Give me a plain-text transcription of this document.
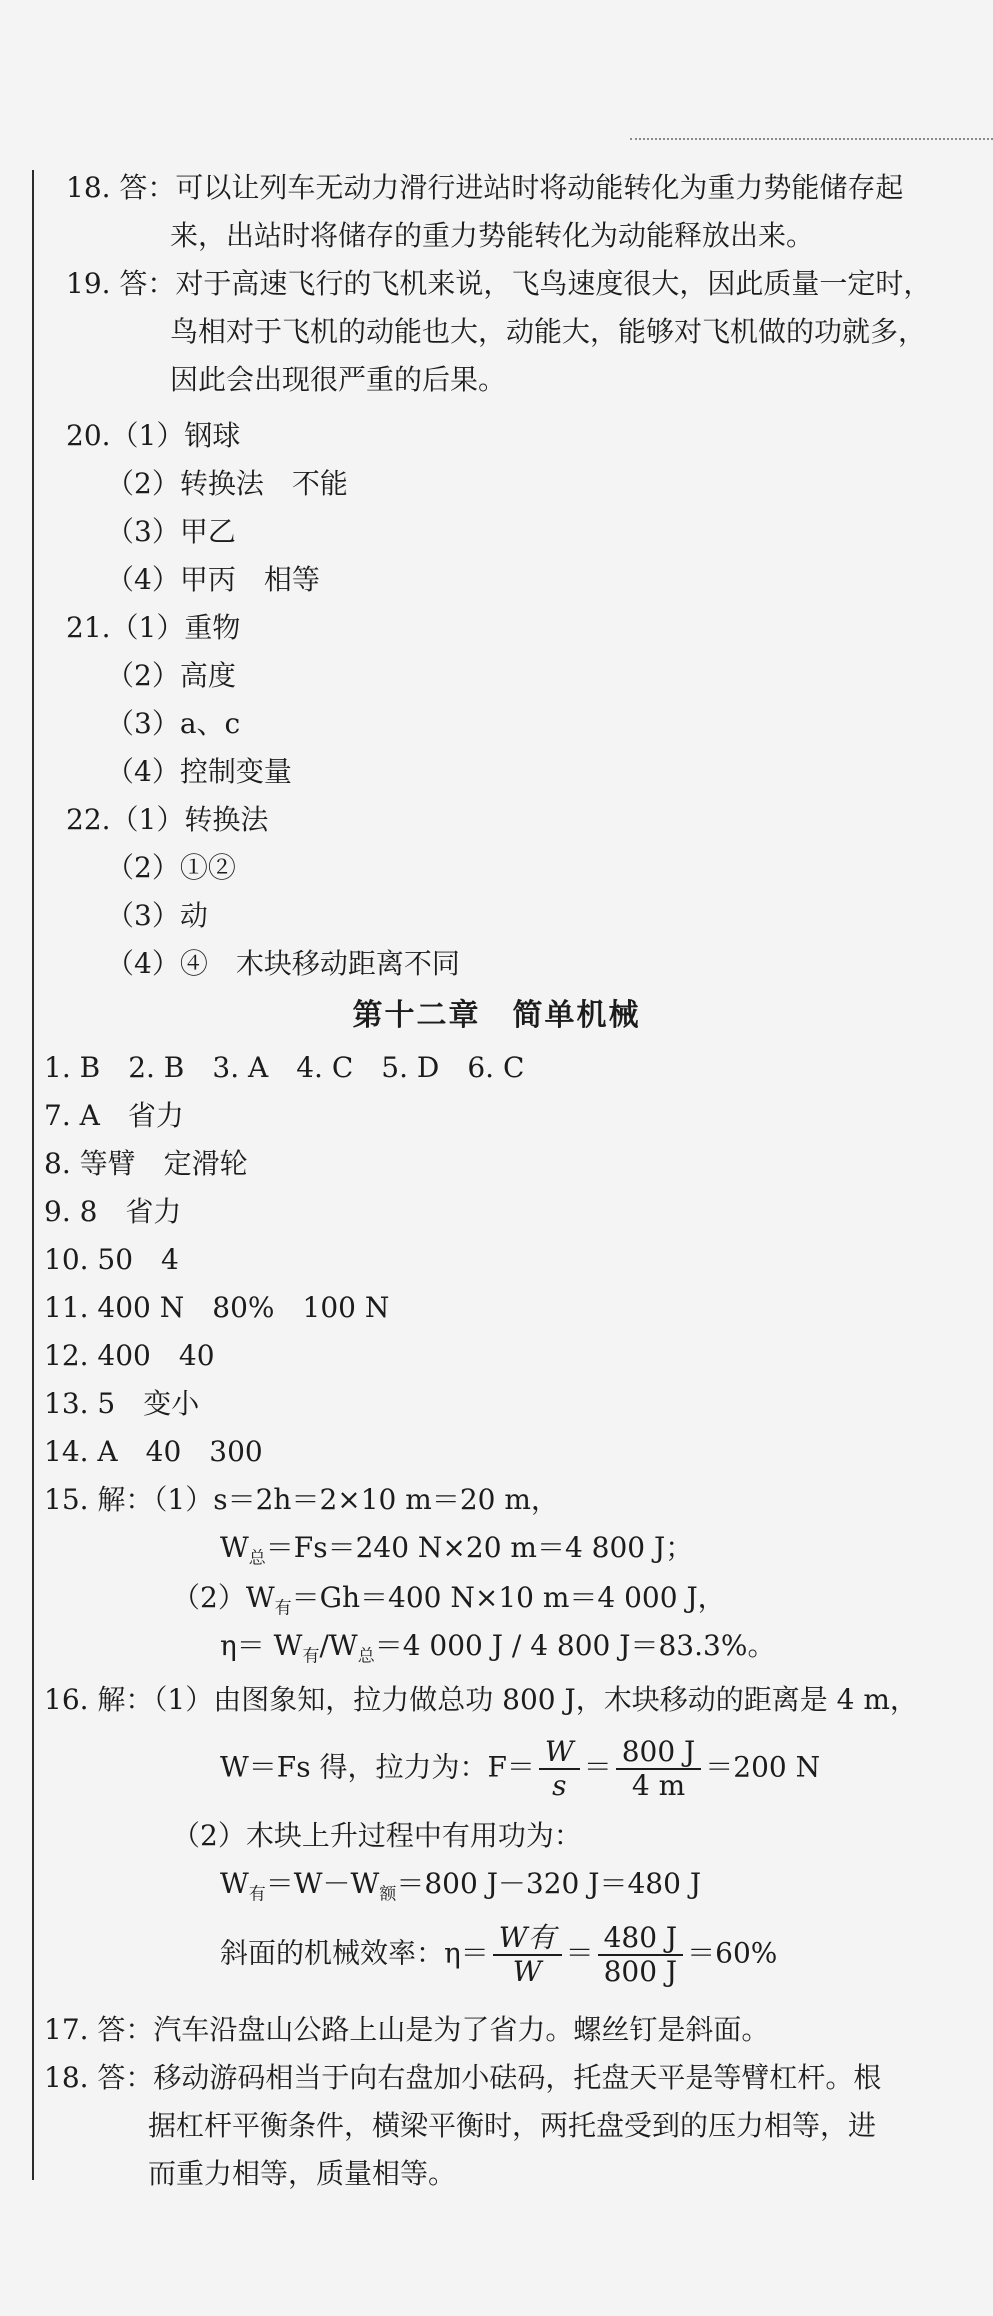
18. 答：可以让列车无动力滑行进站时将动能转化为重力势能储存起
来，出站时将储存的重力势能转化为动能释放出来。
19. 答：对于高速飞行的飞机来说，飞鸟速度很大，因此质量一定时，
鸟相对于飞机的动能也大，动能大，能够对飞机做的功就多，
因此会出现很严重的后果。
20.（1）钢球
（2）转换法　不能
（3）甲乙
（4）甲丙　相等
21.（1）重物
（2）高度
（3）a、c
（4）控制变量
22.（1）转换法
（2）①②
（3）动
（4）④　木块移动距离不同
第十二章　简单机械
1. B　2. B　3. A　4. C　5. D　6. C
7. A　省力
8. 等臂　定滑轮
9. 8　省力
10. 50　4
11. 400 N　80%　100 N
12. 400　40
13. 5　变小
14. A　40　300
15. 解：（1）s＝2h＝2×10 m＝20 m，
$W_总=Fs=240$ N×20 m＝4 800 J；
$(2)W_有=Gh=400$ N×10 m＝4 000 J，
$\eta= W_有/W_总=4$ 000 J / 4 800 J＝83.3%。
16. 解：（1）由图象知，拉力做总功 800 J，木块移动的距离是 4 m，
W＝Fs 得，拉力为：$F= \frac{W}{s} = \frac{800 J}{4 m} =200$ N
（2）木块上升过程中有用功为：
$W_有=W-W_额=800$ J－320 J＝480 J
斜面的机械效率：$\eta= \frac{\text{W有}}{W} = \frac{480 J}{800 J} =60\%$
17. 答：汽车沿盘山公路上山是为了省力。螺丝钉是斜面。
18. 答：移动游码相当于向右盘加小砝码，托盘天平是等臂杠杆。根
据杠杆平衡条件，横梁平衡时，两托盘受到的压力相等，进
而重力相等，质量相等。
